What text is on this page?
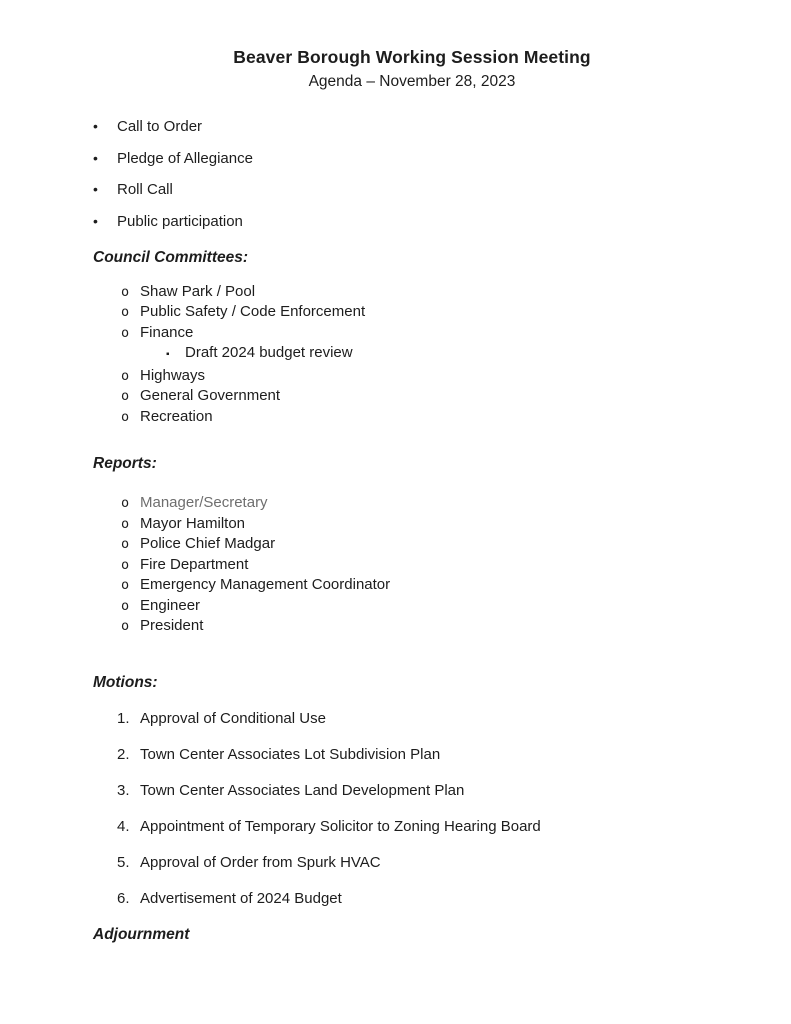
Beaver Borough Working Session Meeting
Agenda – November 28, 2023
•	Call to Order
•	Pledge of Allegiance
•	Roll Call
•	Public participation
Council Committees:
o Shaw Park / Pool
o Public Safety / Code Enforcement
o Finance
▪	Draft 2024 budget review
o Highways
o General Government
o Recreation
Reports:
o Manager/Secretary
o Mayor Hamilton
o Police Chief Madgar
o Fire Department
o Emergency Management Coordinator
o Engineer
o President
Motions:
1. Approval of Conditional Use
2. Town Center Associates Lot Subdivision Plan
3. Town Center Associates Land Development Plan
4. Appointment of Temporary Solicitor to Zoning Hearing Board
5. Approval of Order from Spurk HVAC
6. Advertisement of 2024 Budget
Adjournment
